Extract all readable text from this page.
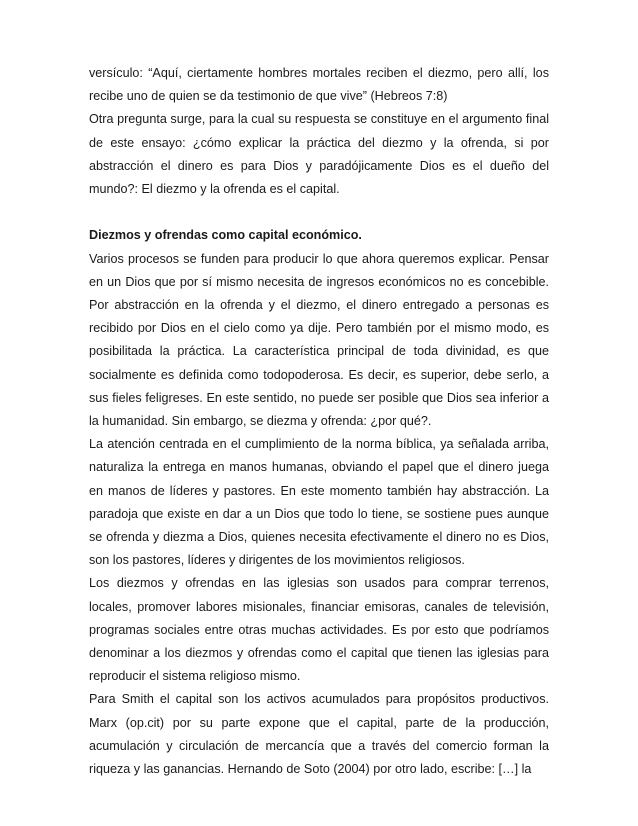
versículo: “Aquí, ciertamente hombres mortales reciben el diezmo, pero allí, los recibe uno de quien se da testimonio de que vive” (Hebreos 7:8)

Otra pregunta surge, para la cual su respuesta se constituye en el argumento final de este ensayo: ¿cómo explicar la práctica del diezmo y la ofrenda, si por abstracción el dinero es para Dios y paradójicamente Dios es el dueño del mundo?: El diezmo y la ofrenda es el capital.

Diezmos y ofrendas como capital económico.

Varios procesos se funden para producir lo que ahora queremos explicar. Pensar en un Dios que por sí mismo necesita de ingresos económicos no es concebible. Por abstracción en la ofrenda y el diezmo, el dinero entregado a personas es recibido por Dios en el cielo como ya dije. Pero también por el mismo modo, es posibilitada la práctica. La característica principal de toda divinidad, es que socialmente es definida como todopoderosa. Es decir, es superior, debe serlo, a sus fieles feligreses. En este sentido, no puede ser posible que Dios sea inferior a la humanidad. Sin embargo, se diezma y ofrenda: ¿por qué?.

La atención centrada en el cumplimiento de la norma bíblica, ya señalada arriba, naturaliza la entrega en manos humanas, obviando el papel que el dinero juega en manos de líderes y pastores. En este momento también hay abstracción. La paradoja que existe en dar a un Dios que todo lo tiene, se sostiene pues aunque se ofrenda y diezma a Dios, quienes necesita efectivamente el dinero no es Dios, son los pastores, líderes y dirigentes de los movimientos religiosos.

Los diezmos y ofrendas en las iglesias son usados para comprar terrenos, locales, promover labores misionales, financiar emisoras, canales de televisión, programas sociales entre otras muchas actividades. Es por esto que podríamos denominar a los diezmos y ofrendas como el capital que tienen las iglesias para reproducir el sistema religioso mismo.

Para Smith el capital son los activos acumulados para propósitos productivos. Marx (op.cit) por su parte expone que el capital, parte de la producción, acumulación y circulación de mercancía que a través del comercio forman la riqueza y las ganancias. Hernando de Soto (2004) por otro lado, escribe: […] la
